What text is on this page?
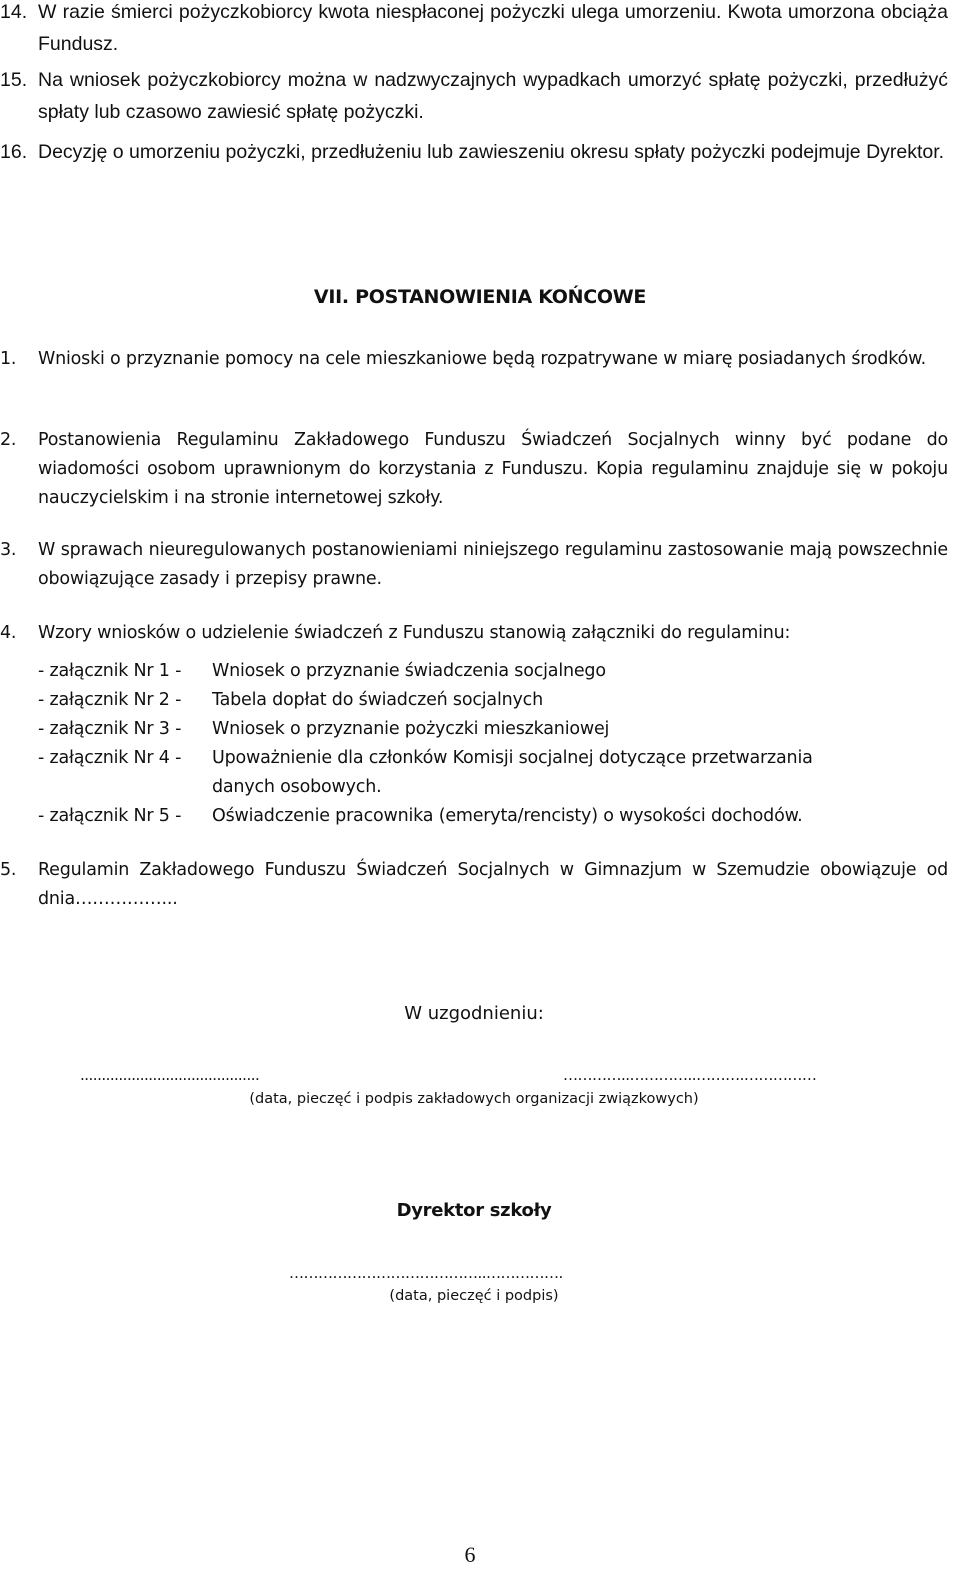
14. W razie śmierci pożyczkobiorcy kwota niespłaconej pożyczki ulega umorzeniu. Kwota umorzona obciąża Fundusz.

15. Na wniosek pożyczkobiorcy można w nadzwyczajnych wypadkach umorzyć spłatę pożyczki, przedłużyć spłaty lub czasowo zawiesić spłatę pożyczki.

16. Decyzję o umorzeniu pożyczki, przedłużeniu lub zawieszeniu okresu spłaty pożyczki podejmuje Dyrektor.

VII. POSTANOWIENIA KOŃCOWE
1. Wnioski o przyznanie pomocy na cele mieszkaniowe będą rozpatrywane w miarę posiadanych środków.

2. Postanowienia Regulaminu Zakładowego Funduszu Świadczeń Socjalnych winny być podane do wiadomości osobom uprawnionym do korzystania z Funduszu. Kopia regulaminu znajduje się w pokoju nauczycielskim i na stronie internetowej szkoły.

3. W sprawach nieuregulowanych postanowieniami niniejszego regulaminu zastosowanie mają powszechnie obowiązujące zasady i przepisy prawne.

4. Wzory wniosków o udzielenie świadczeń z Funduszu stanowią załączniki do regulaminu:

- załącznik Nr 1 - Wniosek o przyznanie świadczenia socjalnego
- załącznik Nr 2 - Tabela dopłat do świadczeń socjalnych
- załącznik Nr 3 - Wniosek o przyznanie pożyczki mieszkaniowej
- załącznik Nr 4 - Upoważnienie dla członków Komisji socjalnej dotyczące przetwarzania
danych osobowych.
- załącznik Nr 5 - Oświadczenie pracownika (emeryta/rencisty) o wysokości dochodów.
5. Regulamin Zakładowego Funduszu Świadczeń Socjalnych w Gimnazjum w Szemudzie obowiązuje od dnia……………...

W uzgodnieniu:
..........................................	…………..…………..……….……………
(data, pieczęć i podpis zakładowych organizacji związkowych)
Dyrektor szkoły
…………………………………..…………….
(data, pieczęć i podpis)
6
